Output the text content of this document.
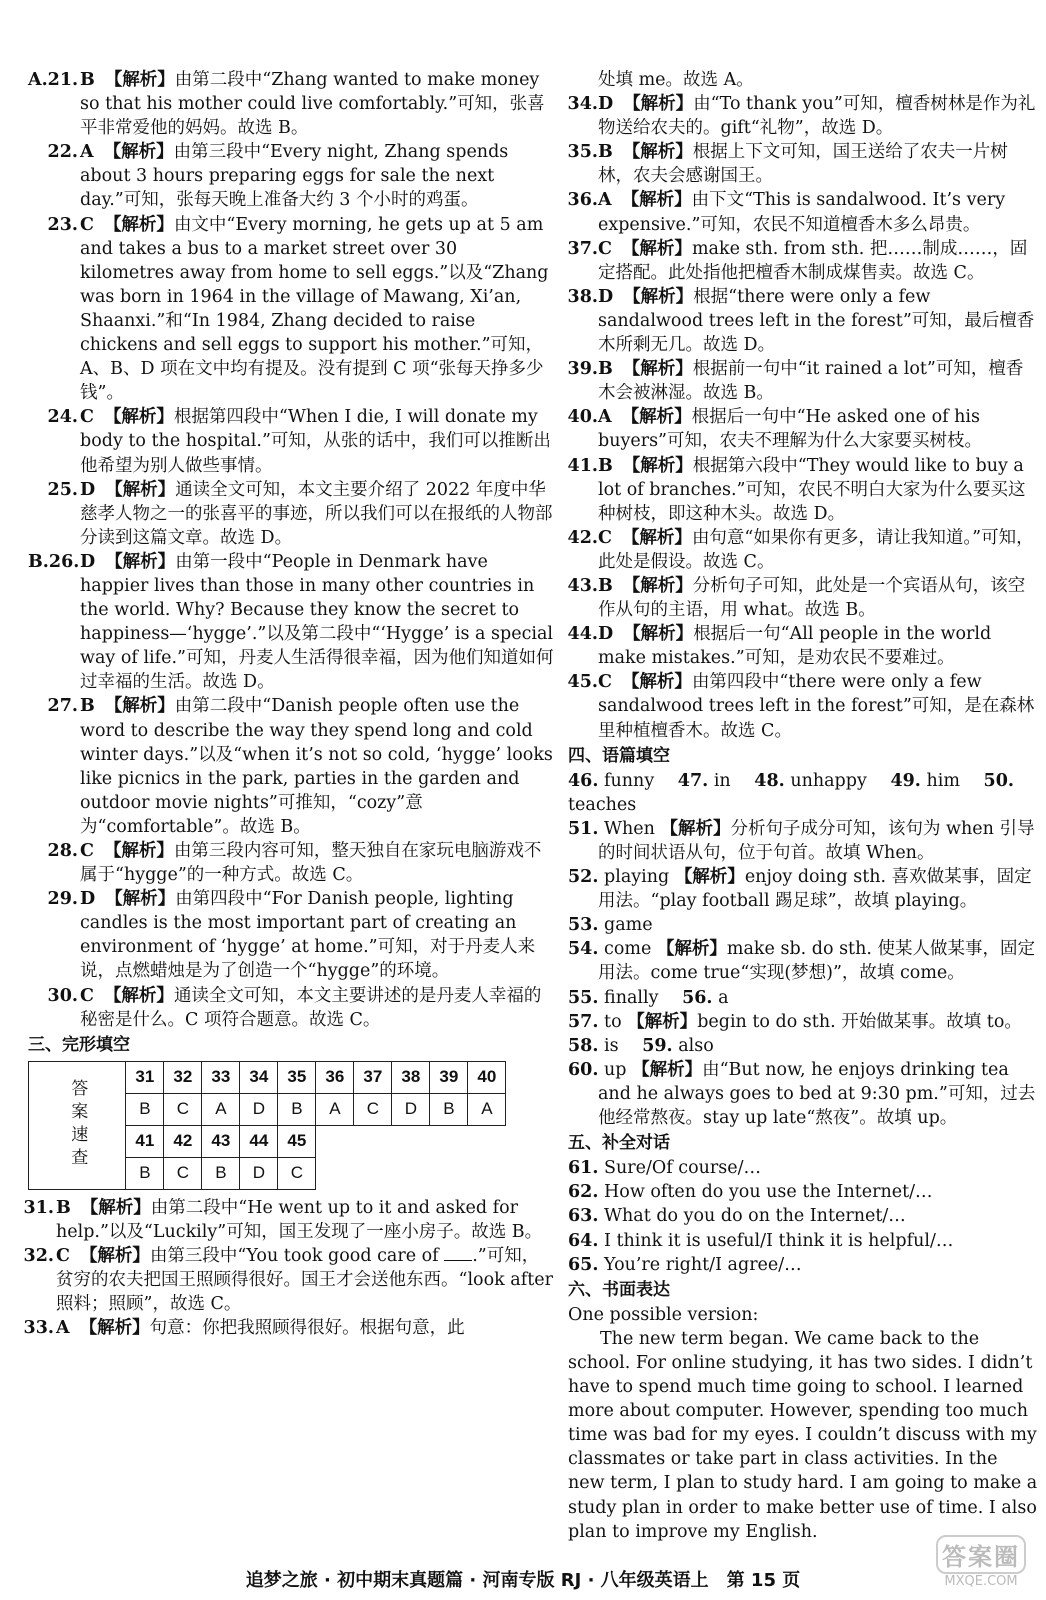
A.21. B 【解析】由第二段中“Zhang wanted to make money so that his mother could live comfortably.”可知，张喜平非常爱他的妈妈。故选 B。
22. A 【解析】由第三段中“Every night, Zhang spends about 3 hours preparing eggs for sale the next day.”可知，张每天晚上准备大约 3 个小时的鸡蛋。
23. C 【解析】由文中“Every morning, he gets up at 5 am and takes a bus to a market street over 30 kilometres away from home to sell eggs.”以及“Zhang was born in 1964 in the village of Mawang, Xi’an, Shaanxi.”和“In 1984, Zhang decided to raise chickens and sell eggs to support his mother.”可知，A、B、D 项在文中均有提及。没有提到 C 项“张每天挣多少钱”。
24. C 【解析】根据第四段中“When I die, I will donate my body to the hospital.”可知，从张的话中，我们可以推断出他希望为别人做些事情。
25. D 【解析】通读全文可知，本文主要介绍了 2022 年度中华慈孝人物之一的张喜平的事迹，所以我们可以在报纸的人物部分读到这篇文章。故选 D。
B.26. D 【解析】由第一段中“People in Denmark have happier lives than those in many other countries in the world. Why? Because they know the secret to happiness—‘hygge’.”以及第二段中“‘Hygge’ is a special way of life.”可知，丹麦人生活得很幸福，因为他们知道如何过幸福的生活。故选 D。
27. B 【解析】由第二段中“Danish people often use the word to describe the way they spend long and cold winter days.”以及“when it’s not so cold, ‘hygge’ looks like picnics in the park, parties in the garden and outdoor movie nights”可推知，“cozy”意为“comfortable”。故选 B。
28. C 【解析】由第三段内容可知，整天独自在家玩电脑游戏不属于“hygge”的一种方式。故选 C。
29. D 【解析】由第四段中“For Danish people, lighting candles is the most important part of creating an environment of ‘hygge’ at home.”可知，对于丹麦人来说，点燃蜡烛是为了创造一个“hygge”的环境。
30. C 【解析】通读全文可知，本文主要讲述的是丹麦人幸福的秘密是什么。C 项符合题意。故选 C。
三、完形填空
答案速查	31	32	33	34	35	36	37	38	39	40
	B	C	A	D	B	A	C	D	B	A
	41	42	43	44	45					
	B	C	B	D	C					
31. B 【解析】由第二段中“He went up to it and asked for help.”以及“Luckily”可知，国王发现了一座小房子。故选 B。
32. C 【解析】由第三段中“You took good care of .”可知，贫穷的农夫把国王照顾得很好。国王才会送他东西。“look after 照料；照顾”，故选 C。
33. A 【解析】句意：你把我照顾得很好。根据句意，此
处填 me。故选 A。
34. D 【解析】由“To thank you”可知，檀香树林是作为礼物送给农夫的。gift“礼物”，故选 D。
35. B 【解析】根据上下文可知，国王送给了农夫一片树林，农夫会感谢国王。
36. A 【解析】由下文“This is sandalwood. It’s very expensive.”可知，农民不知道檀香木多么昂贵。
37. C 【解析】make sth. from sth. 把……制成……，固定搭配。此处指他把檀香木制成煤售卖。故选 C。
38. D 【解析】根据“there were only a few sandalwood trees left in the forest”可知，最后檀香木所剩无几。故选 D。
39. B 【解析】根据前一句中“it rained a lot”可知，檀香木会被淋湿。故选 B。
40. A 【解析】根据后一句中“He asked one of his buyers”可知，农夫不理解为什么大家要买树枝。
41. B 【解析】根据第六段中“They would like to buy a lot of branches.”可知，农民不明白大家为什么要买这种树枝，即这种木头。故选 D。
42. C 【解析】由句意“如果你有更多，请让我知道。”可知，此处是假设。故选 C。
43. B 【解析】分析句子可知，此处是一个宾语从句，该空作从句的主语，用 what。故选 B。
44. D 【解析】根据后一句“All people in the world make mistakes.”可知，是劝农民不要难过。
45. C 【解析】由第四段中“there were only a few sandalwood trees left in the forest”可知，是在森林里种植檀香木。故选 C。
四、语篇填空
46. funny 47. in 48. unhappy 49. him 50. teaches
51. When 【解析】分析句子成分可知，该句为 when 引导的时间状语从句，位于句首。故填 When。
52. playing 【解析】enjoy doing sth. 喜欢做某事，固定用法。“play football 踢足球”，故填 playing。
53. game
54. come 【解析】make sb. do sth. 使某人做某事，固定用法。come true“实现(梦想)”，故填 come。
55. finally 56. a
57. to 【解析】begin to do sth. 开始做某事。故填 to。
58. is 59. also
60. up 【解析】由“But now, he enjoys drinking tea and he always goes to bed at 9:30 pm.”可知，过去他经常熬夜。stay up late“熬夜”。故填 up。
五、补全对话
61. Sure/Of course/…
62. How often do you use the Internet/…
63. What do you do on the Internet/…
64. I think it is useful/I think it is helpful/…
65. You’re right/I agree/…
六、书面表达

One possible version:

The new term began. We came back to the school. For online studying, it has two sides. I didn’t have to spend much time going to school. I learned more about computer. However, spending too much time was bad for my eyes. I couldn’t discuss with my classmates or take part in class activities. In the new term, I plan to study hard. I am going to make a study plan in order to make better use of time. I also plan to improve my English.

追梦之旅 · 初中期末真题篇 · 河南专版 RJ · 八年级英语上　第 15 页
答案圈
MXQE.COM
